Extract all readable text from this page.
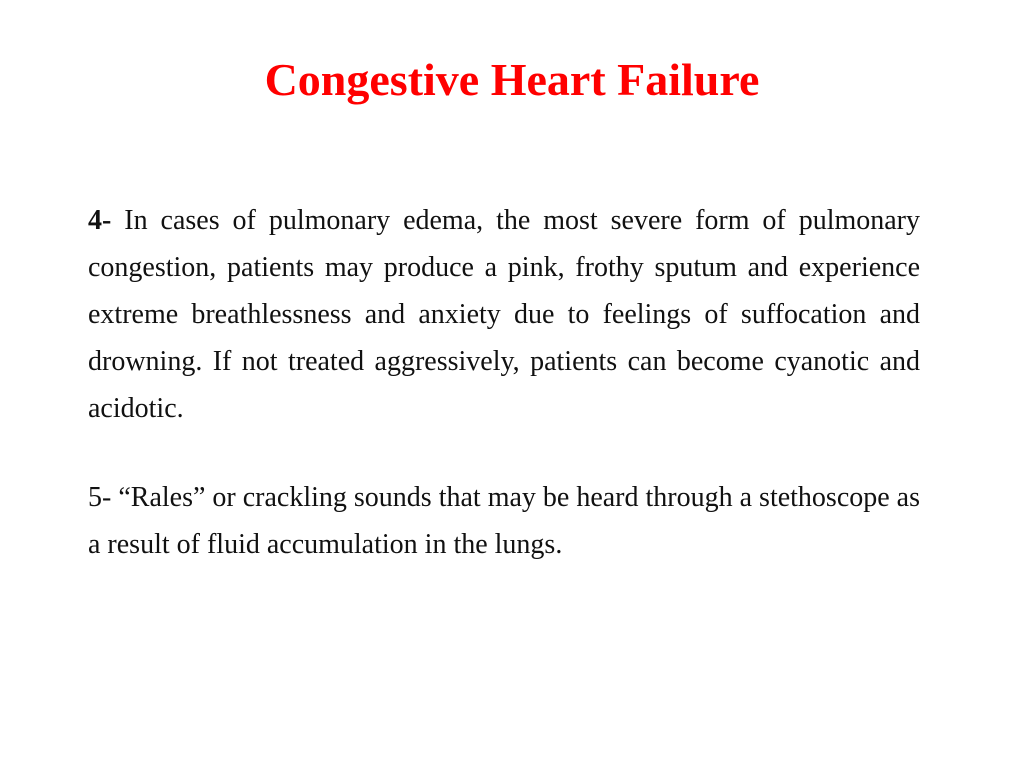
Congestive Heart Failure

4- In cases of pulmonary edema, the most severe form of pulmonary congestion, patients may produce a pink, frothy sputum and experience extreme breathlessness and anxiety due to feelings of suffocation and drowning. If not treated aggressively, patients can become cyanotic and acidotic.

5- “Rales” or crackling sounds that may be heard through a stethoscope as a result of fluid accumulation in the lungs.
